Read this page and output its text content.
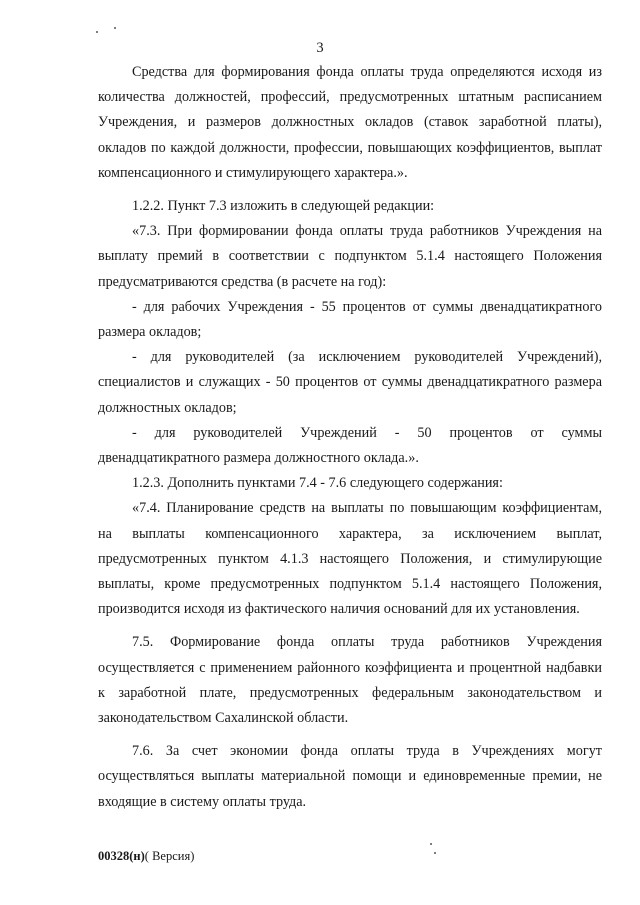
3

Средства для формирования фонда оплаты труда определяются исходя из количества должностей, профессий, предусмотренных штатным расписанием Учреждения, и размеров должностных окладов (ставок заработной платы), окладов по каждой должности, профессии, повышающих коэффициентов, выплат компенсационного и стимулирующего характера.».

1.2.2. Пункт 7.3 изложить в следующей редакции:

«7.3. При формировании фонда оплаты труда работников Учреждения на выплату премий в соответствии с подпунктом 5.1.4 настоящего Положения предусматриваются средства (в расчете на год):

- для рабочих Учреждения - 55 процентов от суммы двенадцатикратного размера окладов;

- для руководителей (за исключением руководителей Учреждений), специалистов и служащих - 50 процентов от суммы двенадцатикратного размера должностных окладов;

- для руководителей Учреждений - 50 процентов от суммы двенадцатикратного размера должностного оклада.».

1.2.3. Дополнить пунктами 7.4 - 7.6 следующего содержания:

«7.4. Планирование средств на выплаты по повышающим коэффициентам, на выплаты компенсационного характера, за исключением выплат, предусмотренных пунктом 4.1.3 настоящего Положения, и стимулирующие выплаты, кроме предусмотренных подпунктом 5.1.4 настоящего Положения, производится исходя из фактического наличия оснований для их установления.

7.5. Формирование фонда оплаты труда работников Учреждения осуществляется с применением районного коэффициента и процентной надбавки к заработной плате, предусмотренных федеральным законодательством и законодательством Сахалинской области.

7.6. За счет экономии фонда оплаты труда в Учреждениях могут осуществляться выплаты материальной помощи и единовременные премии, не входящие в систему оплаты труда.

00328(н)( Версия)
